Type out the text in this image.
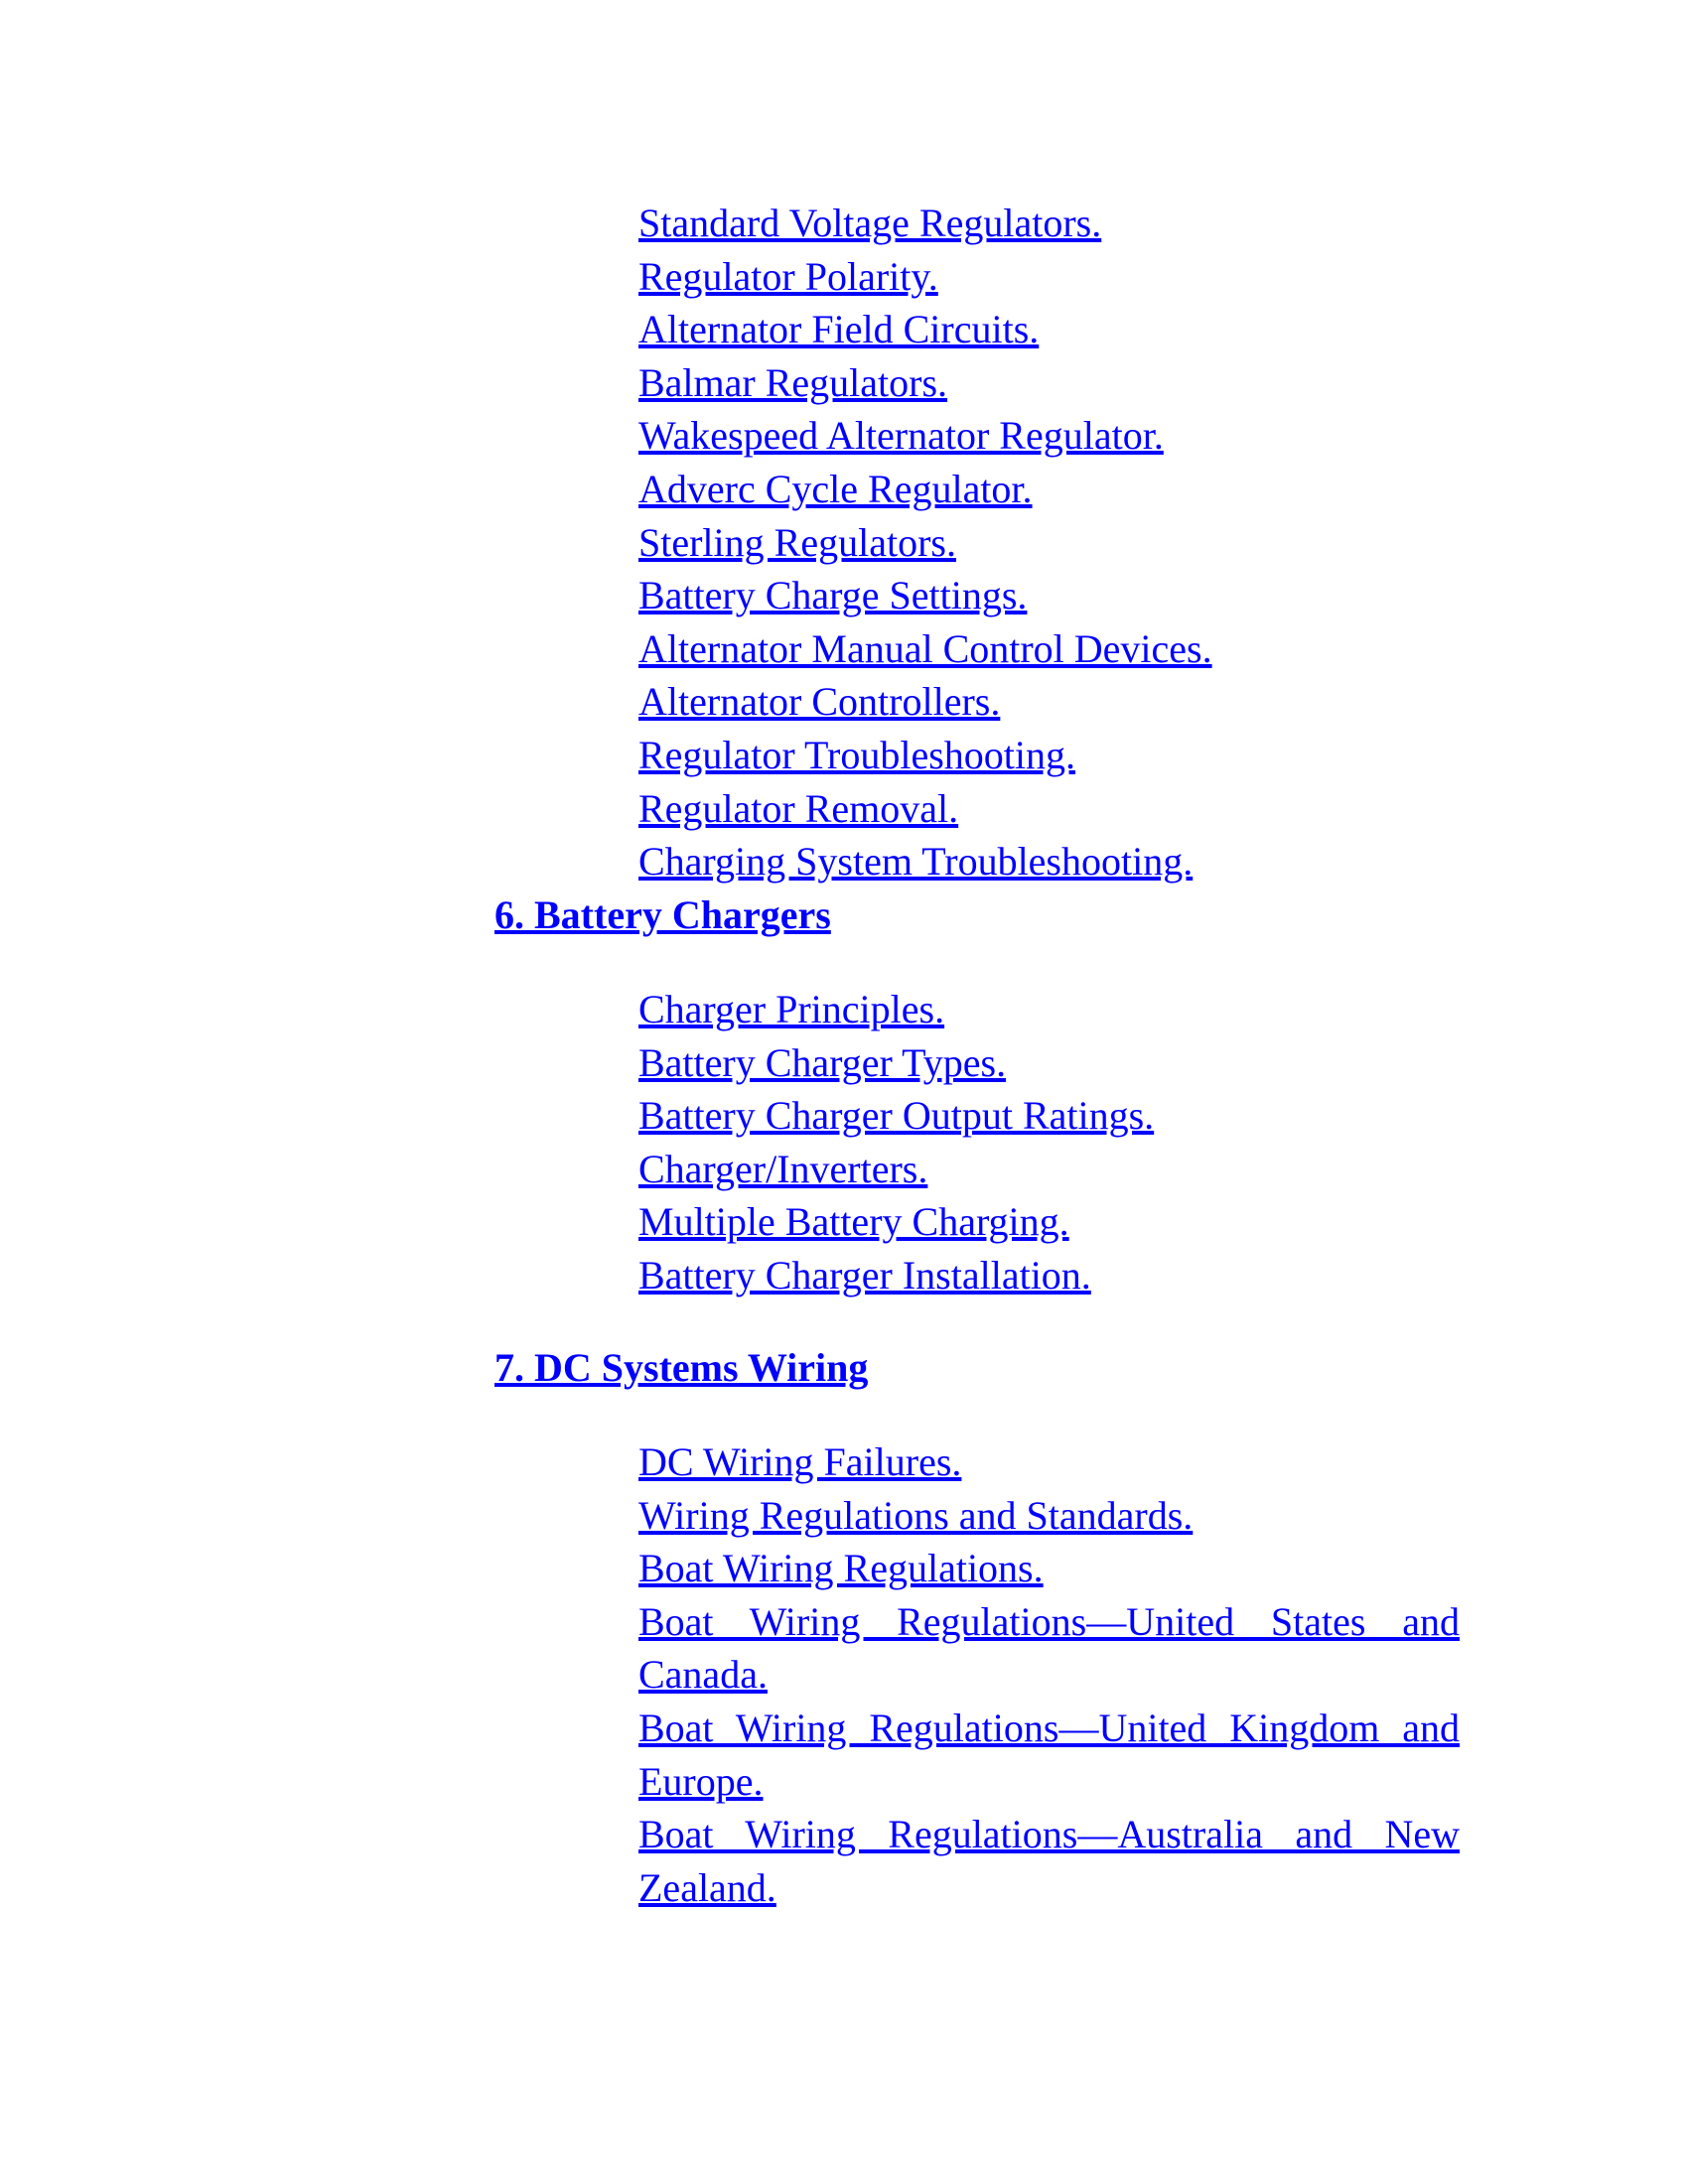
Standard Voltage Regulators.
Regulator Polarity.
Alternator Field Circuits.
Balmar Regulators.
Wakespeed Alternator Regulator.
Adverc Cycle Regulator.
Sterling Regulators.
Battery Charge Settings.
Alternator Manual Control Devices.
Alternator Controllers.
Regulator Troubleshooting.
Regulator Removal.
Charging System Troubleshooting.
6. Battery Chargers
Charger Principles.
Battery Charger Types.
Battery Charger Output Ratings.
Charger/Inverters.
Multiple Battery Charging.
Battery Charger Installation.
7. DC Systems Wiring
DC Wiring Failures.
Wiring Regulations and Standards.
Boat Wiring Regulations.
Boat Wiring Regulations—United States and Canada.
Boat Wiring Regulations—United Kingdom and Europe.
Boat Wiring Regulations—Australia and New Zealand.
